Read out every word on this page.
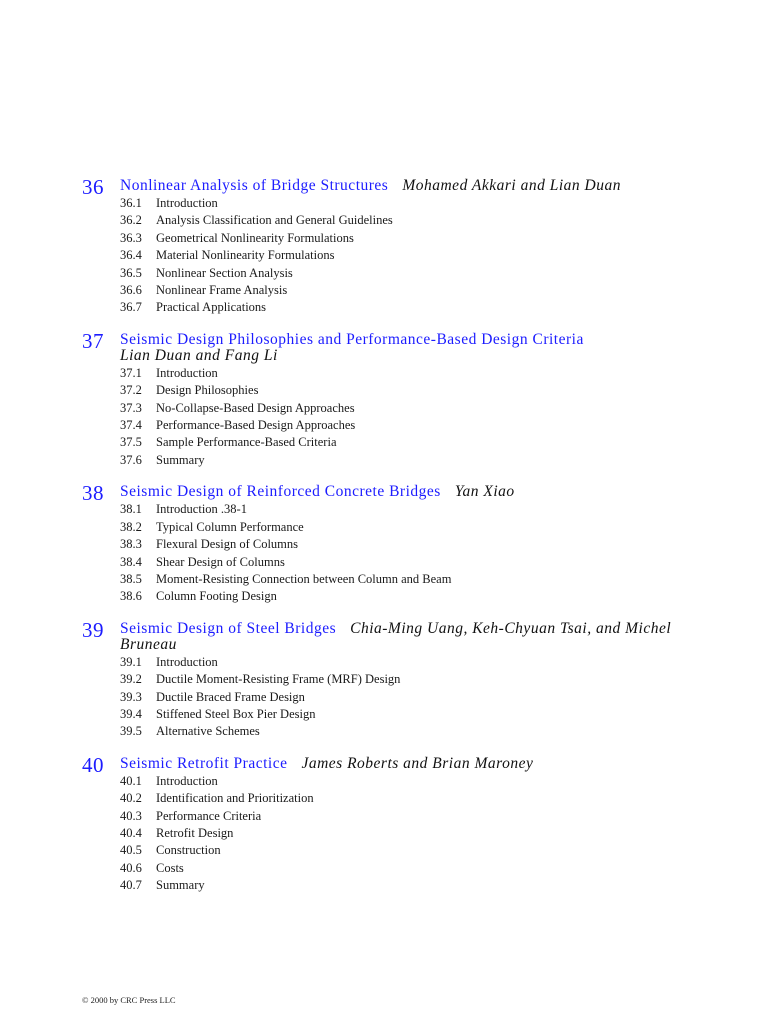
36 Nonlinear Analysis of Bridge Structures Mohamed Akkari and Lian Duan
36.1 Introduction
36.2 Analysis Classification and General Guidelines
36.3 Geometrical Nonlinearity Formulations
36.4 Material Nonlinearity Formulations
36.5 Nonlinear Section Analysis
36.6 Nonlinear Frame Analysis
36.7 Practical Applications
37 Seismic Design Philosophies and Performance-Based Design Criteria
Lian Duan and Fang Li
37.1 Introduction
37.2 Design Philosophies
37.3 No-Collapse-Based Design Approaches
37.4 Performance-Based Design Approaches
37.5 Sample Performance-Based Criteria
37.6 Summary
38 Seismic Design of Reinforced Concrete Bridges Yan Xiao
38.1 Introduction .38-1
38.2 Typical Column Performance
38.3 Flexural Design of Columns
38.4 Shear Design of Columns
38.5 Moment-Resisting Connection between Column and Beam
38.6 Column Footing Design
39 Seismic Design of Steel Bridges Chia-Ming Uang, Keh-Chyuan Tsai, and Michel Bruneau
39.1 Introduction
39.2 Ductile Moment-Resisting Frame (MRF) Design
39.3 Ductile Braced Frame Design
39.4 Stiffened Steel Box Pier Design
39.5 Alternative Schemes
40 Seismic Retrofit Practice James Roberts and Brian Maroney
40.1 Introduction
40.2 Identification and Prioritization
40.3 Performance Criteria
40.4 Retrofit Design
40.5 Construction
40.6 Costs
40.7 Summary
© 2000 by CRC Press LLC
